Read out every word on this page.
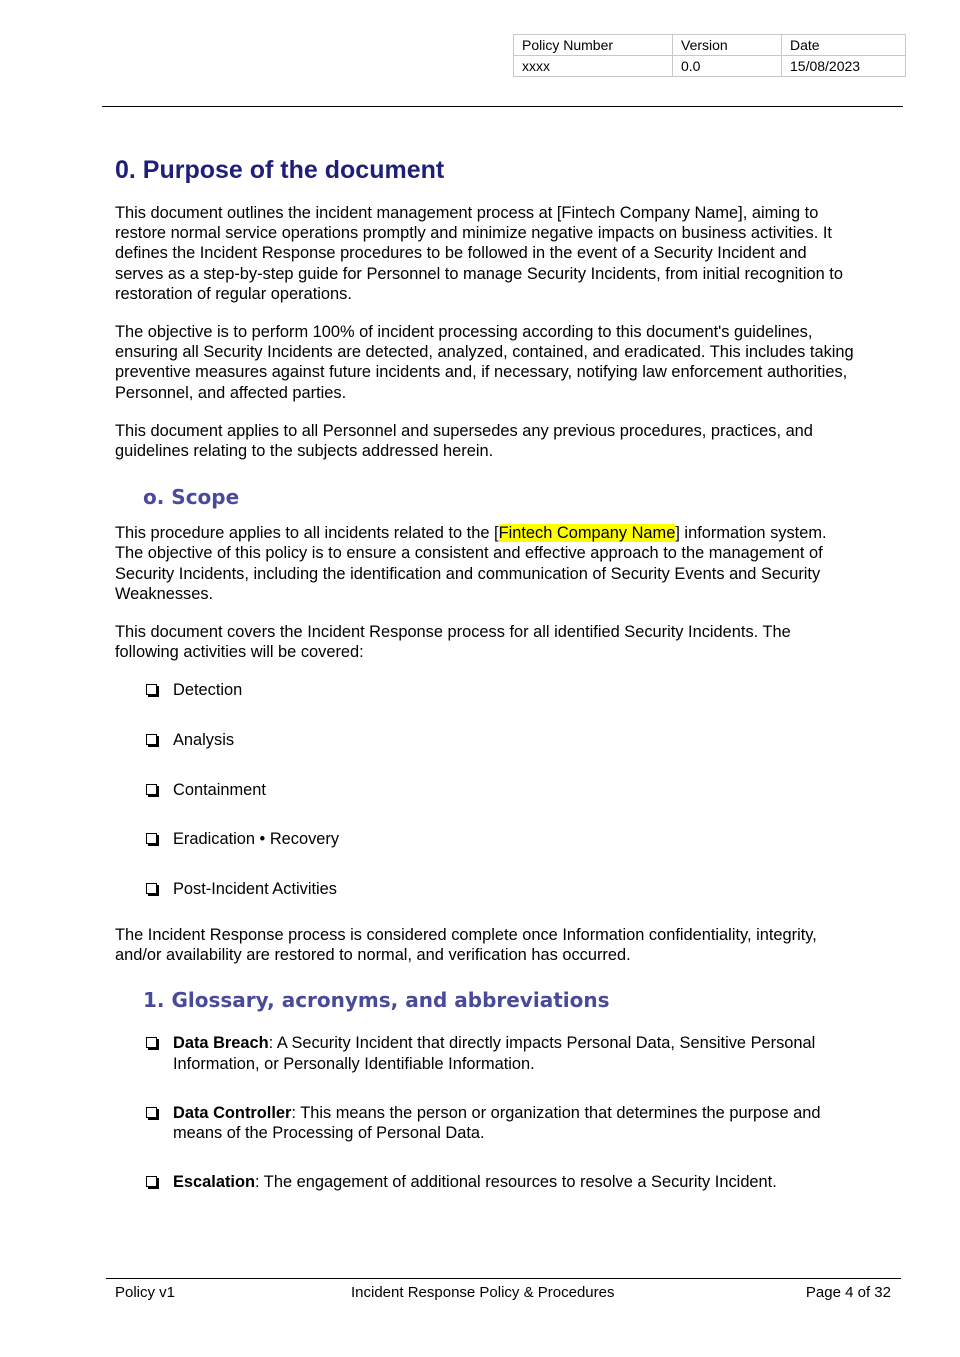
Policy Number	Version	Date
xxxx	0.0	15/08/2023
0. Purpose of the document

This document outlines the incident management process at [Fintech Company Name], aiming to restore normal service operations promptly and minimize negative impacts on business activities. It defines the Incident Response procedures to be followed in the event of a Security Incident and serves as a step-by-step guide for Personnel to manage Security Incidents, from initial recognition to restoration of regular operations.

The objective is to perform 100% of incident processing according to this document's guidelines, ensuring all Security Incidents are detected, analyzed, contained, and eradicated. This includes taking preventive measures against future incidents and, if necessary, notifying law enforcement authorities, Personnel, and affected parties.

This document applies to all Personnel and supersedes any previous procedures, practices, and guidelines relating to the subjects addressed herein.

o. Scope

This procedure applies to all incidents related to the [Fintech Company Name] information system. The objective of this policy is to ensure a consistent and effective approach to the management of Security Incidents, including the identification and communication of Security Events and Security Weaknesses.

This document covers the Incident Response process for all identified Security Incidents. The following activities will be covered:

Detection
Analysis
Containment
Eradication • Recovery
Post-Incident Activities

The Incident Response process is considered complete once Information confidentiality, integrity, and/or availability are restored to normal, and verification has occurred.

1. Glossary, acronyms, and abbreviations
Data Breach: A Security Incident that directly impacts Personal Data, Sensitive Personal Information, or Personally Identifiable Information.
Data Controller: This means the person or organization that determines the purpose and means of the Processing of Personal Data.
Escalation: The engagement of additional resources to resolve a Security Incident.
Policy v1	Incident Response Policy & Procedures	Page 4 of 32
